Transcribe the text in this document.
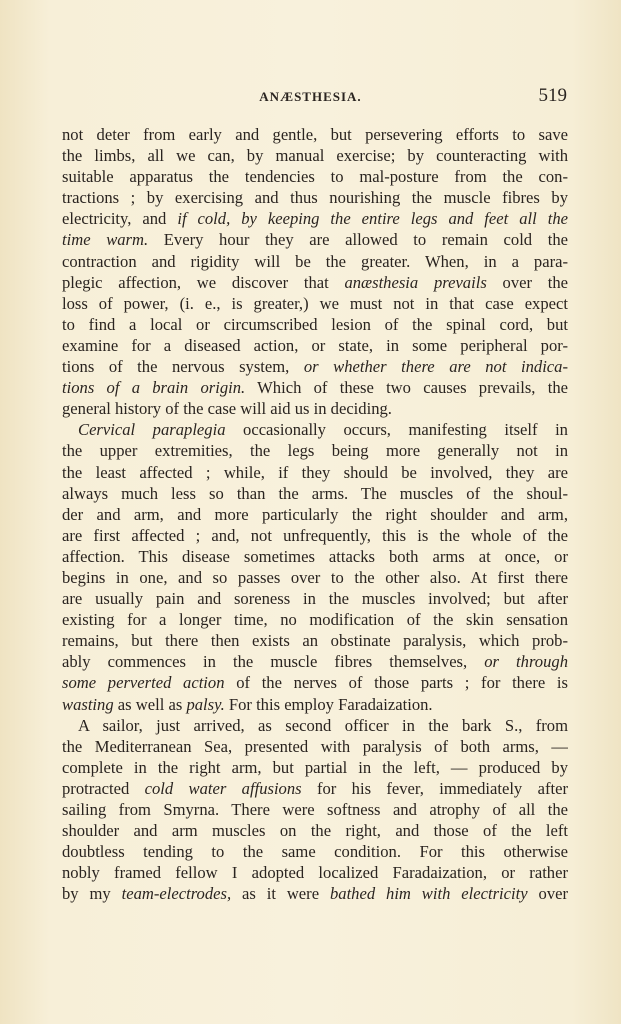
ANÆSTHESIA.	519
not deter from early and gentle, but persevering efforts to save
the limbs, all we can, by manual exercise; by counteracting with
suitable apparatus the tendencies to mal-posture from the con-
tractions ; by exercising and thus nourishing the muscle fibres by
electricity, and if cold, by keeping the entire legs and feet all the
time warm. Every hour they are allowed to remain cold the
contraction and rigidity will be the greater. When, in a para-
plegic affection, we discover that anæsthesia prevails over the
loss of power, (i. e., is greater,) we must not in that case expect
to find a local or circumscribed lesion of the spinal cord, but
examine for a diseased action, or state, in some peripheral por-
tions of the nervous system, or whether there are not indica-
tions of a brain origin. Which of these two causes prevails, the
general history of the case will aid us in deciding.
Cervical paraplegia occasionally occurs, manifesting itself in
the upper extremities, the legs being more generally not in
the least affected ; while, if they should be involved, they are
always much less so than the arms. The muscles of the shoul-
der and arm, and more particularly the right shoulder and arm,
are first affected ; and, not unfrequently, this is the whole of the
affection. This disease sometimes attacks both arms at once, or
begins in one, and so passes over to the other also. At first there
are usually pain and soreness in the muscles involved; but after
existing for a longer time, no modification of the skin sensation
remains, but there then exists an obstinate paralysis, which prob-
ably commences in the muscle fibres themselves, or through
some perverted action of the nerves of those parts ; for there is
wasting as well as palsy. For this employ Faradaization.
A sailor, just arrived, as second officer in the bark S., from
the Mediterranean Sea, presented with paralysis of both arms, —
complete in the right arm, but partial in the left, — produced by
protracted cold water affusions for his fever, immediately after
sailing from Smyrna. There were softness and atrophy of all the
shoulder and arm muscles on the right, and those of the left
doubtless tending to the same condition. For this otherwise
nobly framed fellow I adopted localized Faradaization, or rather
by my team-electrodes, as it were bathed him with electricity over
